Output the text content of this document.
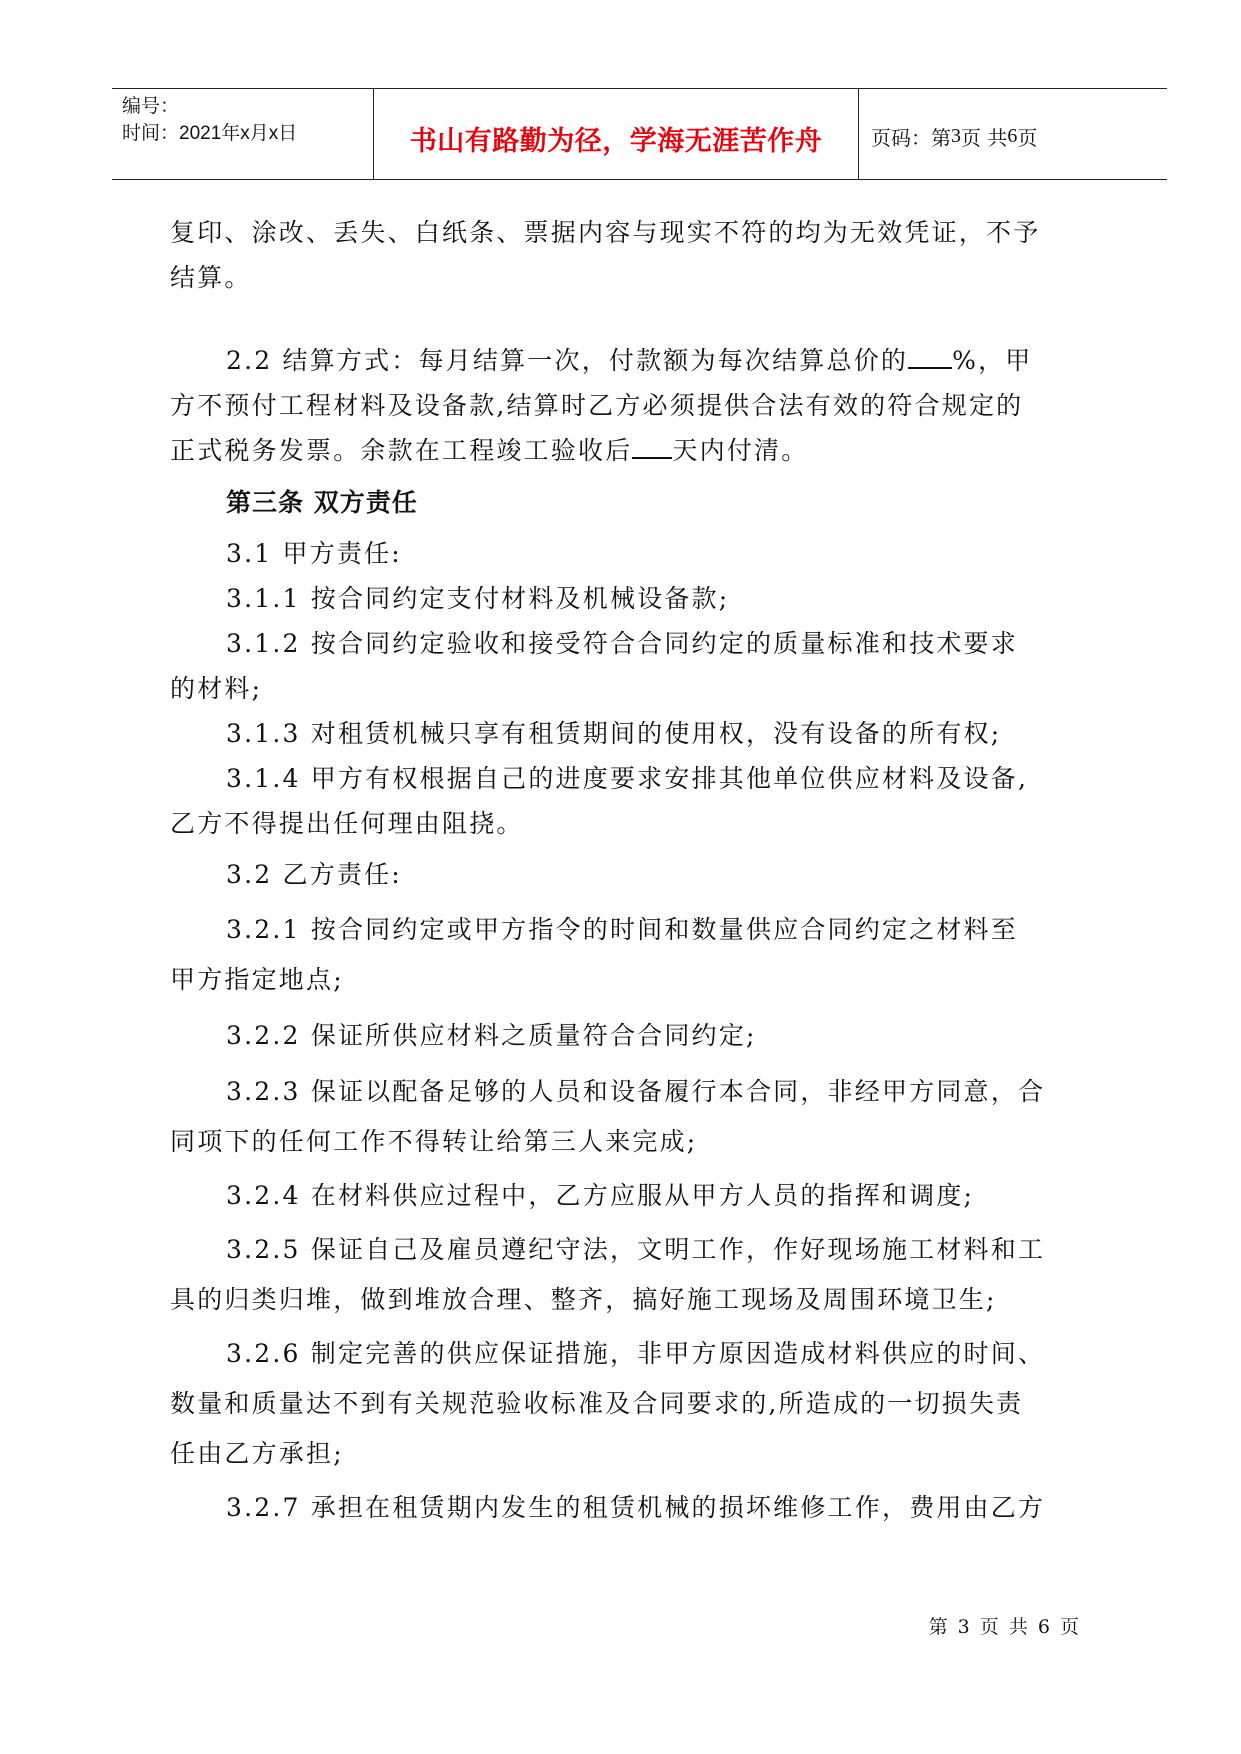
编号：
时间：2021年x月x日	书山有路勤为径，学海无涯苦作舟 页码：第 3 页 共 6 页
复印、涂改、丢失、白纸条、票据内容与现实不符的均为无效凭证，不予
结算。
2.2 结算方式：每月结算一次，付款额为每次结算总价的 %，甲
方不预付工程材料及设备款,结算时乙方必须提供合法有效的符合规定的
正式税务发票。余款在工程竣工验收后 天内付清。
第三条 双方责任
3.1 甲方责任:
3.1.1 按合同约定支付材料及机械设备款;
3.1.2 按合同约定验收和接受符合合同约定的质量标准和技术要求
的材料;
3.1.3 对租赁机械只享有租赁期间的使用权，没有设备的所有权;
3.1.4 甲方有权根据自己的进度要求安排其他单位供应材料及设备,
乙方不得提出任何理由阻挠。
3.2 乙方责任:
3.2.1 按合同约定或甲方指令的时间和数量供应合同约定之材料至
甲方指定地点;
3.2.2 保证所供应材料之质量符合合同约定;
3.2.3 保证以配备足够的人员和设备履行本合同，非经甲方同意，合
同项下的任何工作不得转让给第三人来完成;
3.2.4 在材料供应过程中，乙方应服从甲方人员的指挥和调度;
3.2.5 保证自己及雇员遵纪守法，文明工作，作好现场施工材料和工
具的归类归堆，做到堆放合理、整齐，搞好施工现场及周围环境卫生;
3.2.6 制定完善的供应保证措施，非甲方原因造成材料供应的时间、
数量和质量达不到有关规范验收标准及合同要求的,所造成的一切损失责
任由乙方承担;
3.2.7 承担在租赁期内发生的租赁机械的损坏维修工作，费用由乙方
第 3 页 共 6 页
